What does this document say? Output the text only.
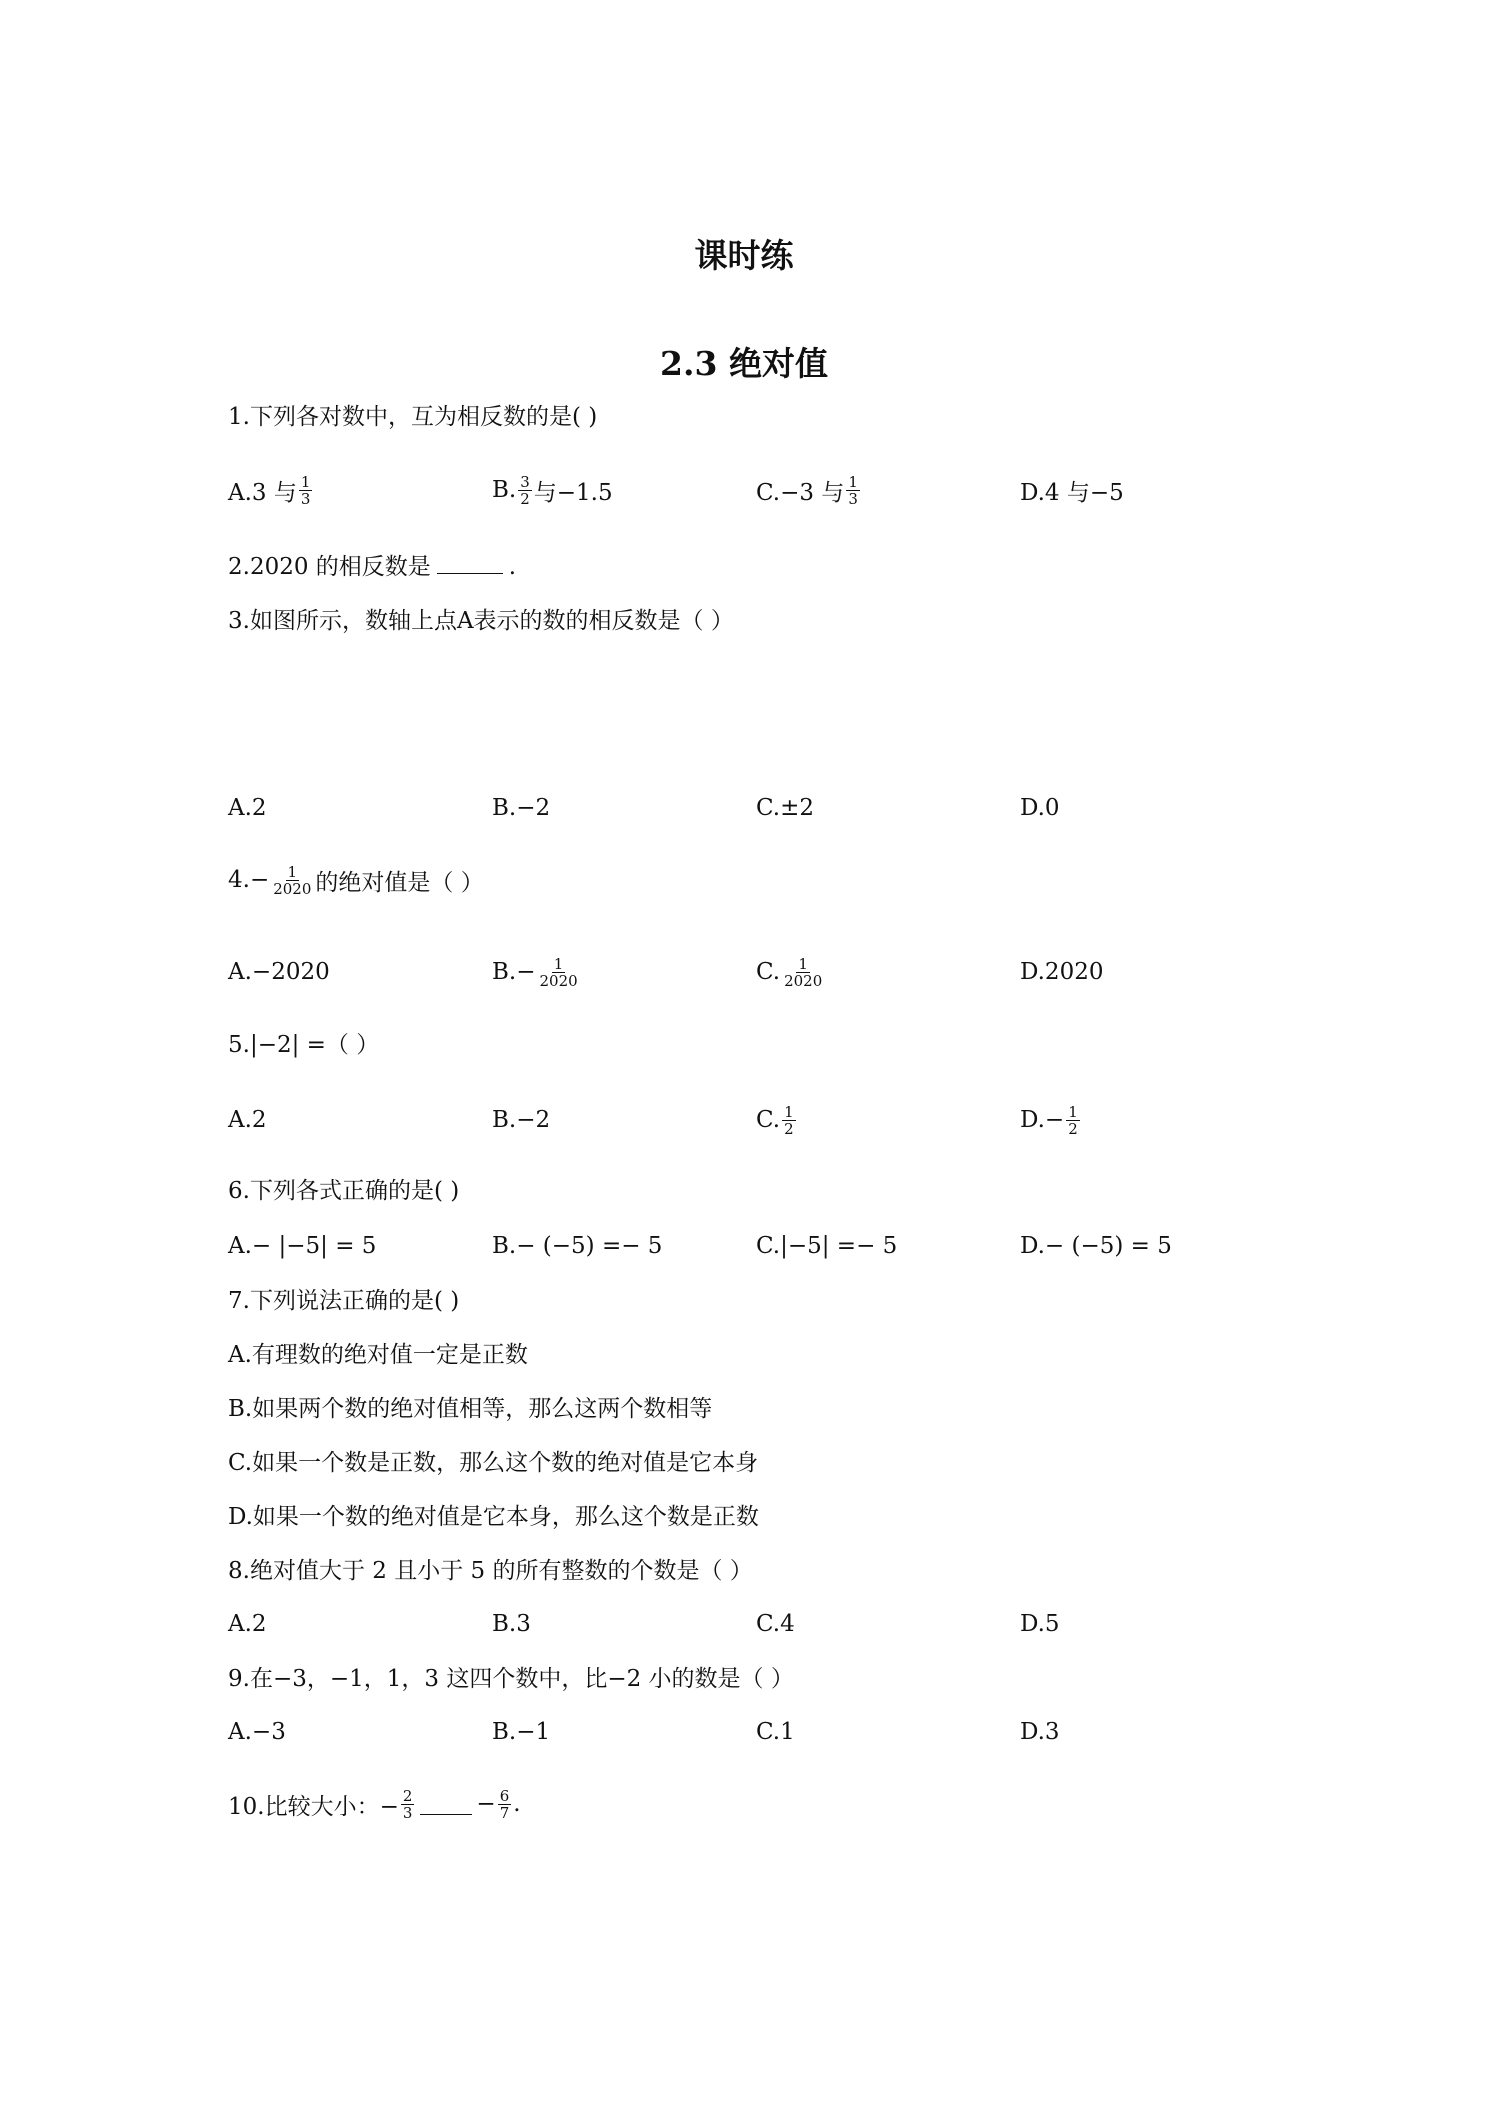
课时练
2.3 绝对值
1.下列各对数中，互为相反数的是( )
A.3 与 $\frac{1}{3}$	B. $\frac{3}{2}$ 与−1.5	C.−3 与 $\frac{1}{3}$	D.4 与−5
2.2020 的相反数是	.
3.如图所示，数轴上点A表示的数的相反数是（ ）
A.2	B.−2	C.±2	D.0
$4.- \frac{1}{2020}$ 的绝对值是（ ）
A.−2020	$B.- \frac{1}{2020}$	C. $\frac{1}{2020}$	D.2020
5.|−2| =（ ）
A.2	B.−2	C. $\frac{1}{2}$	$D.- \frac{1}{2}$
6.下列各式正确的是( )
A.− |−5| = 5	B.− (−5) =− 5	C.|−5| =− 5	D.− (−5) = 5
7.下列说法正确的是( )
A.有理数的绝对值一定是正数
B.如果两个数的绝对值相等，那么这两个数相等
C.如果一个数是正数，那么这个数的绝对值是它本身
D.如果一个数的绝对值是它本身，那么这个数是正数
8.绝对值大于 2 且小于 5 的所有整数的个数是（ ）
A.2	B.3	C.4	D.5
9.在−3，−1，1，3 这四个数中，比−2 小的数是（ ）
A.−3	B.−1	C.1	D.3
10.比较大小：− $\frac{2}{3}$	− $\frac{6}{7}$ .
